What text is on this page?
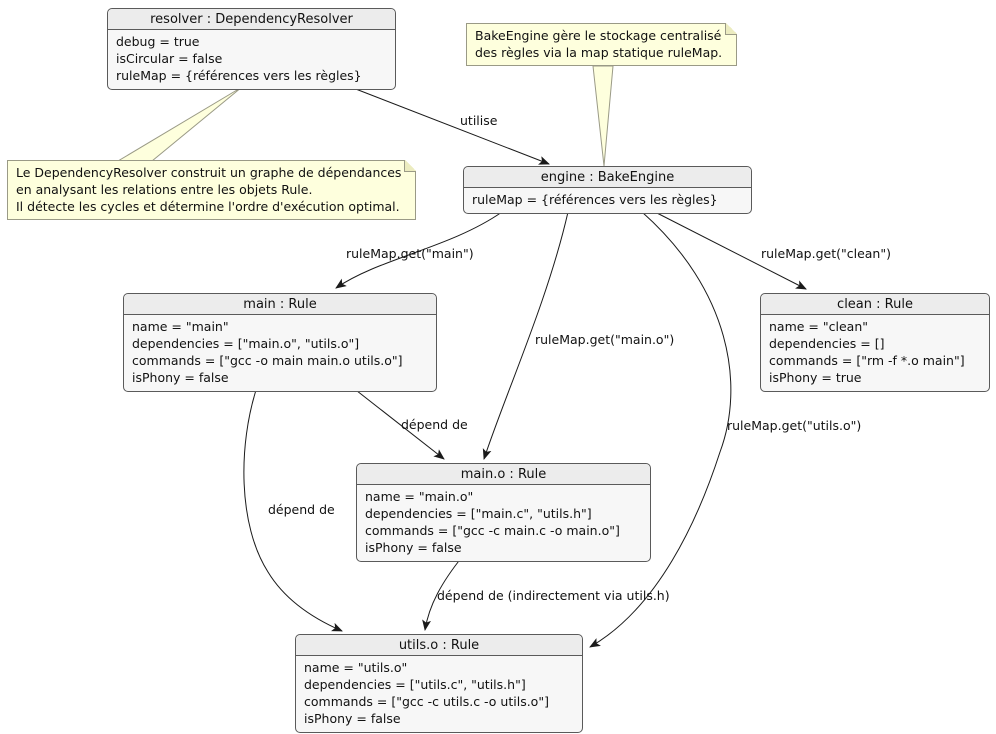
resolver : DependencyResolver
debug = true
isCircular = false
ruleMap = {références vers les règles}
BakeEngine gère le stockage centralisé
des règles via la map statique ruleMap.
Le DependencyResolver construit un graphe de dépendances
en analysant les relations entre les objets Rule.
Il détecte les cycles et détermine l'ordre d'exécution optimal.
engine : BakeEngine
ruleMap = {références vers les règles}
main : Rule
name = "main"
dependencies = ["main.o", "utils.o"]
commands = ["gcc -o main main.o utils.o"]
isPhony = false
clean : Rule
name = "clean"
dependencies = []
commands = ["rm -f *.o main"]
isPhony = true
main.o : Rule
name = "main.o"
dependencies = ["main.c", "utils.h"]
commands = ["gcc -c main.c -o main.o"]
isPhony = false
utils.o : Rule
name = "utils.o"
dependencies = ["utils.c", "utils.h"]
commands = ["gcc -c utils.c -o utils.o"]
isPhony = false
utilise
ruleMap.get("main")	ruleMap.get("clean")
ruleMap.get("main.o")
ruleMap.get("utils.o")
dépend de
dépend de
dépend de (indirectement via utils.h)
